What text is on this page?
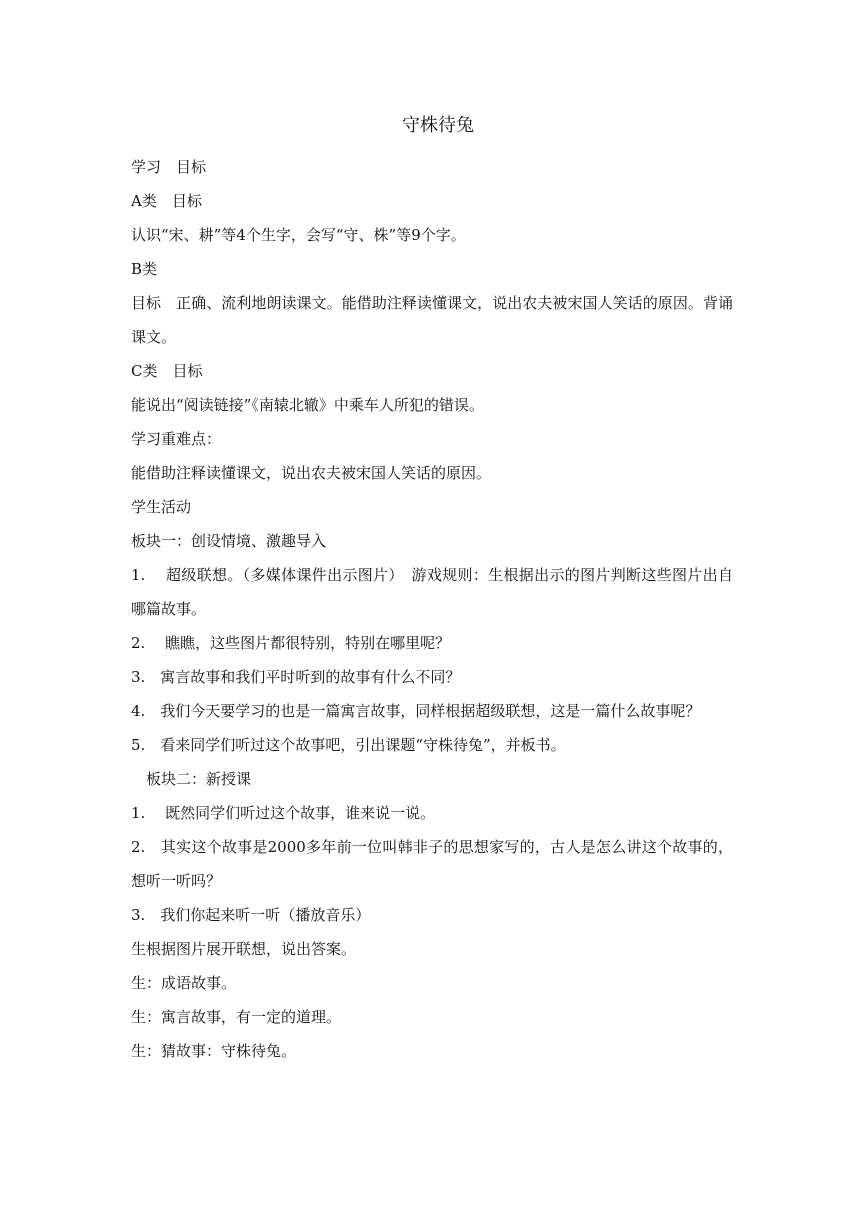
守株待兔

学习　目标

A类　目标

认识“宋、耕”等4个生字，会写“守、株”等9个字。

B类

目标　正确、流利地朗读课文。能借助注释读懂课文，说出农夫被宋国人笑话的原因。背诵课文。

C类　目标

能说出“阅读链接”《南辕北辙》中乘车人所犯的错误。

学习重难点：

能借助注释读懂课文，说出农夫被宋国人笑话的原因。

学生活动

板块一：创设情境、激趣导入

1.　 超级联想。（多媒体课件出示图片）　游戏规则：生根据出示的图片判断这些图片出自哪篇故事。

2.　 瞧瞧，这些图片都很特别，特别在哪里呢？

3.　寓言故事和我们平时听到的故事有什么不同？

4.　我们今天要学习的也是一篇寓言故事，同样根据超级联想，这是一篇什么故事呢？

5.　看来同学们听过这个故事吧，引出课题“守株待兔”，并板书。

板块二：新授课

1.　 既然同学们听过这个故事，谁来说一说。

2.　其实这个故事是2000多年前一位叫韩非子的思想家写的，古人是怎么讲这个故事的，想听一听吗？

3.　我们你起来听一听（播放音乐）

生根据图片展开联想，说出答案。

生：成语故事。

生：寓言故事，有一定的道理。

生：猜故事：守株待兔。
